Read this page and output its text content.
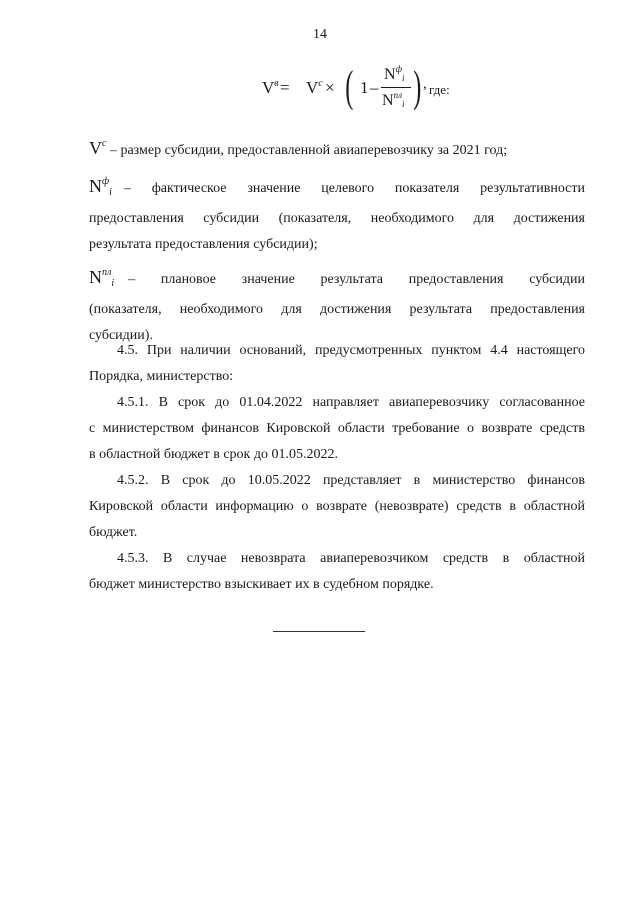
14
$V^в = V^c$ × ( 1 –
$N^ф_i$
$N^{пл}_i$ ) , где:
$V^с$ – размер субсидии, предоставленной авиаперевозчику за 2021 год;
$N^ф_i$ – фактическое значение целевого показателя результативности
предоставления субсидии (показателя, необходимого для достижения
результата предоставления субсидии);
$N^{пл}_i$ – плановое значение результата предоставления субсидии
(показателя, необходимого для достижения результата предоставления
субсидии).
4.5. При наличии оснований, предусмотренных пунктом 4.4 настоящего
Порядка, министерство:
4.5.1. В срок до 01.04.2022 направляет авиаперевозчику согласованное
с министерством финансов Кировской области требование о возврате средств
в областной бюджет в срок до 01.05.2022.
4.5.2. В срок до 10.05.2022 представляет в министерство финансов
Кировской области информацию о возврате (невозврате) средств в областной
бюджет.
4.5.3. В случае невозврата авиаперевозчиком средств в областной
бюджет министерство взыскивает их в судебном порядке.
